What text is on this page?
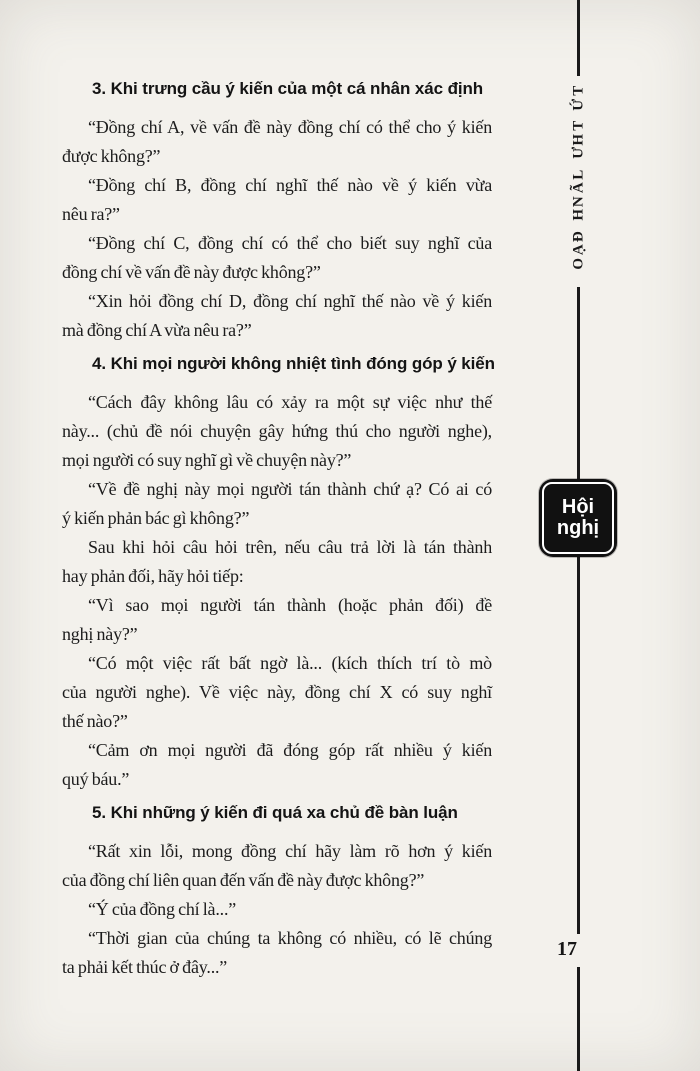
3. Khi trưng cầu ý kiến của một cá nhân xác định
“Đồng chí A, về vấn đề này đồng chí có thể cho ý kiến
được không?”
“Đồng chí B, đồng chí nghĩ thế nào về ý kiến vừa
nêu ra?”
“Đồng chí C, đồng chí có thể cho biết suy nghĩ của
đồng chí về vấn đề này được không?”
“Xin hỏi đồng chí D, đồng chí nghĩ thế nào về ý kiến
mà đồng chí A vừa nêu ra?”
4. Khi mọi người không nhiệt tình đóng góp ý kiến
“Cách đây không lâu có xảy ra một sự việc như thế
này... (chủ đề nói chuyện gây hứng thú cho người nghe),
mọi người có suy nghĩ gì về chuyện này?”
“Về đề nghị này mọi người tán thành chứ ạ? Có ai có
ý kiến phản bác gì không?”
Sau khi hỏi câu hỏi trên, nếu câu trả lời là tán thành
hay phản đối, hãy hỏi tiếp:
“Vì sao mọi người tán thành (hoặc phản đối) đề
nghị này?”
“Có một việc rất bất ngờ là... (kích thích trí tò mò
của người nghe). Về việc này, đồng chí X có suy nghĩ
thế nào?”
“Cảm ơn mọi người đã đóng góp rất nhiều ý kiến
quý báu.”
5. Khi những ý kiến đi quá xa chủ đề bàn luận
“Rất xin lỗi, mong đồng chí hãy làm rõ hơn ý kiến
của đồng chí liên quan đến vấn đề này được không?”
“Ý của đồng chí là...”
“Thời gian của chúng ta không có nhiều, có lẽ chúng
ta phải kết thúc ở đây...”
T
Ứ
T
H
Ư
L
Ã
N
H
Đ
Ạ
O
Hội
nghị
17
